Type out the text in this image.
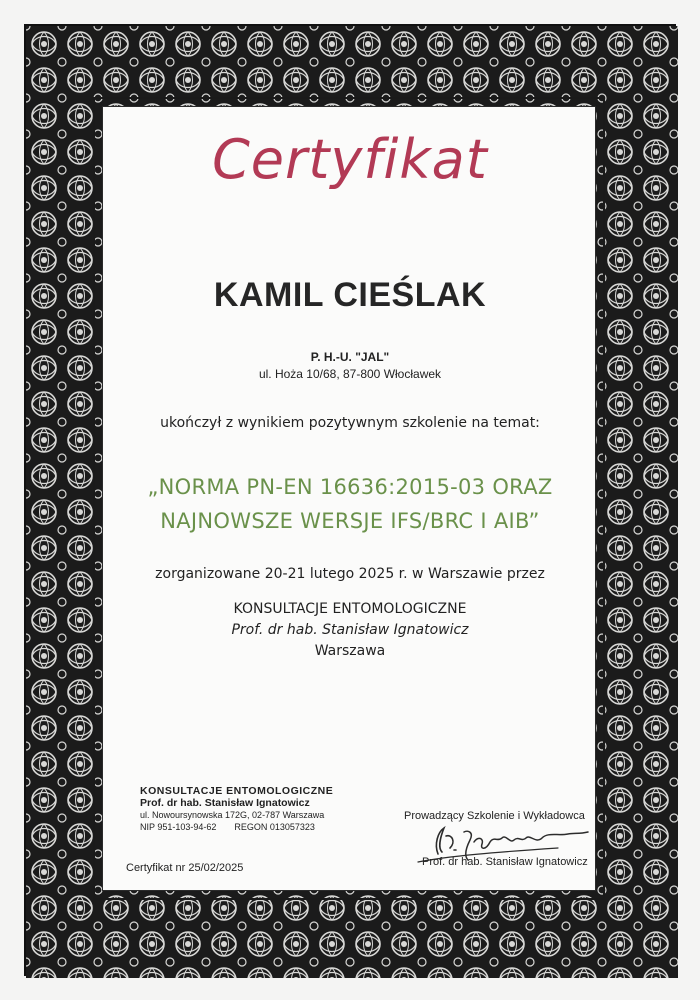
Certyfikat
KAMIL CIEŚLAK
P. H.-U. "JAL"
ul. Hoża 10/68, 87-800 Włocławek
ukończył z wynikiem pozytywnym szkolenie na temat:
„NORMA PN-EN 16636:2015-03 ORAZ
NAJNOWSZE WERSJE IFS/BRC I AIB”
zorganizowane 20-21 lutego 2025 r. w Warszawie przez
KONSULTACJE ENTOMOLOGICZNE
Prof. dr hab. Stanisław Ignatowicz
Warszawa
KONSULTACJE ENTOMOLOGICZNE
Prof. dr hab. Stanisław Ignatowicz
ul. Nowoursynowska 172G, 02-787 Warszawa
NIP 951-103-94-62 REGON 013057323
Certyfikat nr 25/02/2025
Prowadzący Szkolenie i Wykładowca
Prof. dr hab. Stanisław Ignatowicz
